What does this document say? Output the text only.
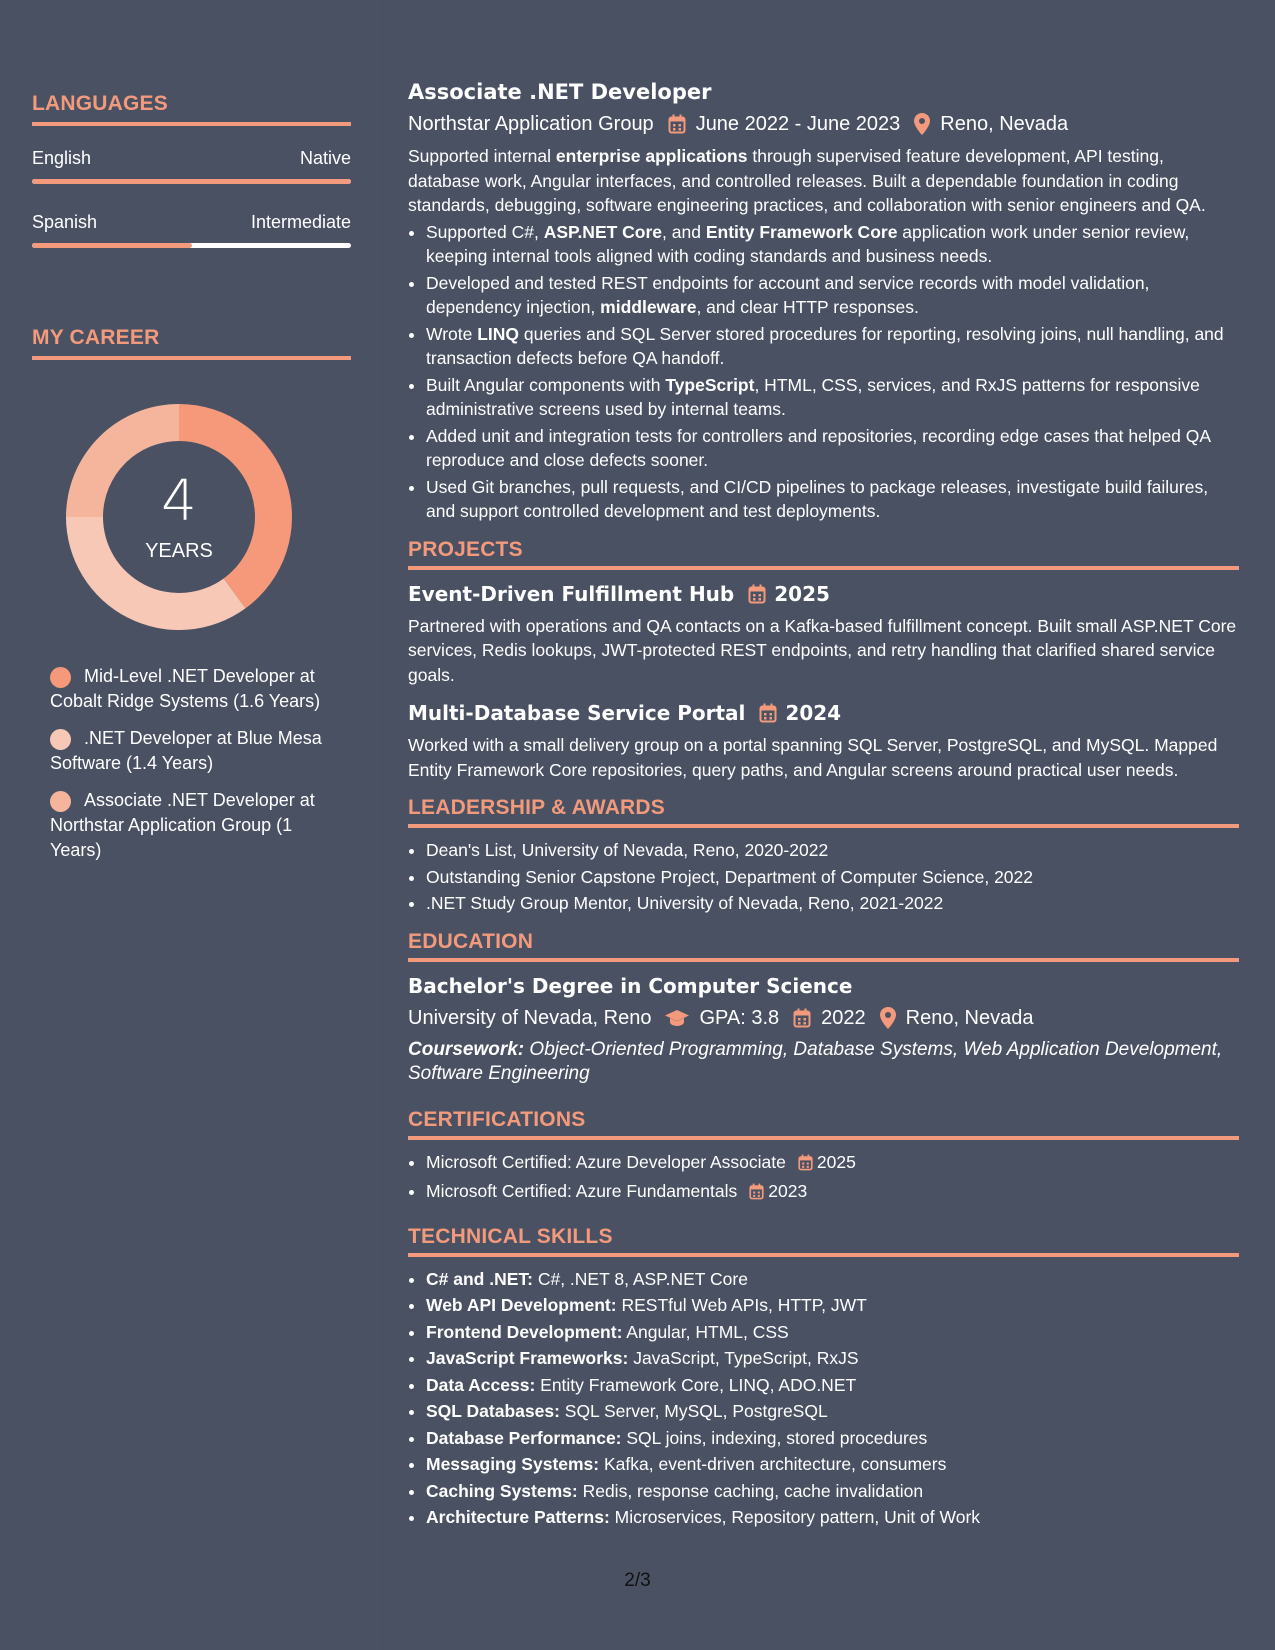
LANGUAGES
English	Native
Spanish	Intermediate
MY CAREER
4
YEARS
Mid-Level .NET Developer at Cobalt Ridge Systems (1.6 Years)
.NET Developer at Blue Mesa Software (1.4 Years)
Associate .NET Developer at Northstar Application Group (1 Years)
Associate .NET Developer
Northstar Application Group June 2022 - June 2023 Reno, Nevada
Supported internal enterprise applications through supervised feature development, API testing, database work, Angular interfaces, and controlled releases. Built a dependable foundation in coding standards, debugging, software engineering practices, and collaboration with senior engineers and QA.
• Supported C#, ASP.NET Core, and Entity Framework Core application work under senior review, keeping internal tools aligned with coding standards and business needs.
• Developed and tested REST endpoints for account and service records with model validation, dependency injection, middleware, and clear HTTP responses.
• Wrote LINQ queries and SQL Server stored procedures for reporting, resolving joins, null handling, and transaction defects before QA handoff.
• Built Angular components with TypeScript, HTML, CSS, services, and RxJS patterns for responsive administrative screens used by internal teams.
• Added unit and integration tests for controllers and repositories, recording edge cases that helped QA reproduce and close defects sooner.
• Used Git branches, pull requests, and CI/CD pipelines to package releases, investigate build failures, and support controlled development and test deployments.
PROJECTS
Event-Driven Fulfillment Hub 2025
Partnered with operations and QA contacts on a Kafka-based fulfillment concept. Built small ASP.NET Core services, Redis lookups, JWT-protected REST endpoints, and retry handling that clarified shared service goals.
Multi-Database Service Portal 2024
Worked with a small delivery group on a portal spanning SQL Server, PostgreSQL, and MySQL. Mapped Entity Framework Core repositories, query paths, and Angular screens around practical user needs.
LEADERSHIP & AWARDS
• Dean's List, University of Nevada, Reno, 2020-2022
• Outstanding Senior Capstone Project, Department of Computer Science, 2022
• .NET Study Group Mentor, University of Nevada, Reno, 2021-2022
EDUCATION
Bachelor's Degree in Computer Science
University of Nevada, Reno GPA: 3.8 2022 Reno, Nevada
Coursework: Object-Oriented Programming, Database Systems, Web Application Development, Software Engineering
CERTIFICATIONS
• Microsoft Certified: Azure Developer Associate 2025
• Microsoft Certified: Azure Fundamentals 2023
TECHNICAL SKILLS
• C# and .NET: C#, .NET 8, ASP.NET Core
• Web API Development: RESTful Web APIs, HTTP, JWT
• Frontend Development: Angular, HTML, CSS
• JavaScript Frameworks: JavaScript, TypeScript, RxJS
• Data Access: Entity Framework Core, LINQ, ADO.NET
• SQL Databases: SQL Server, MySQL, PostgreSQL
• Database Performance: SQL joins, indexing, stored procedures
• Messaging Systems: Kafka, event-driven architecture, consumers
• Caching Systems: Redis, response caching, cache invalidation
• Architecture Patterns: Microservices, Repository pattern, Unit of Work
2/3
